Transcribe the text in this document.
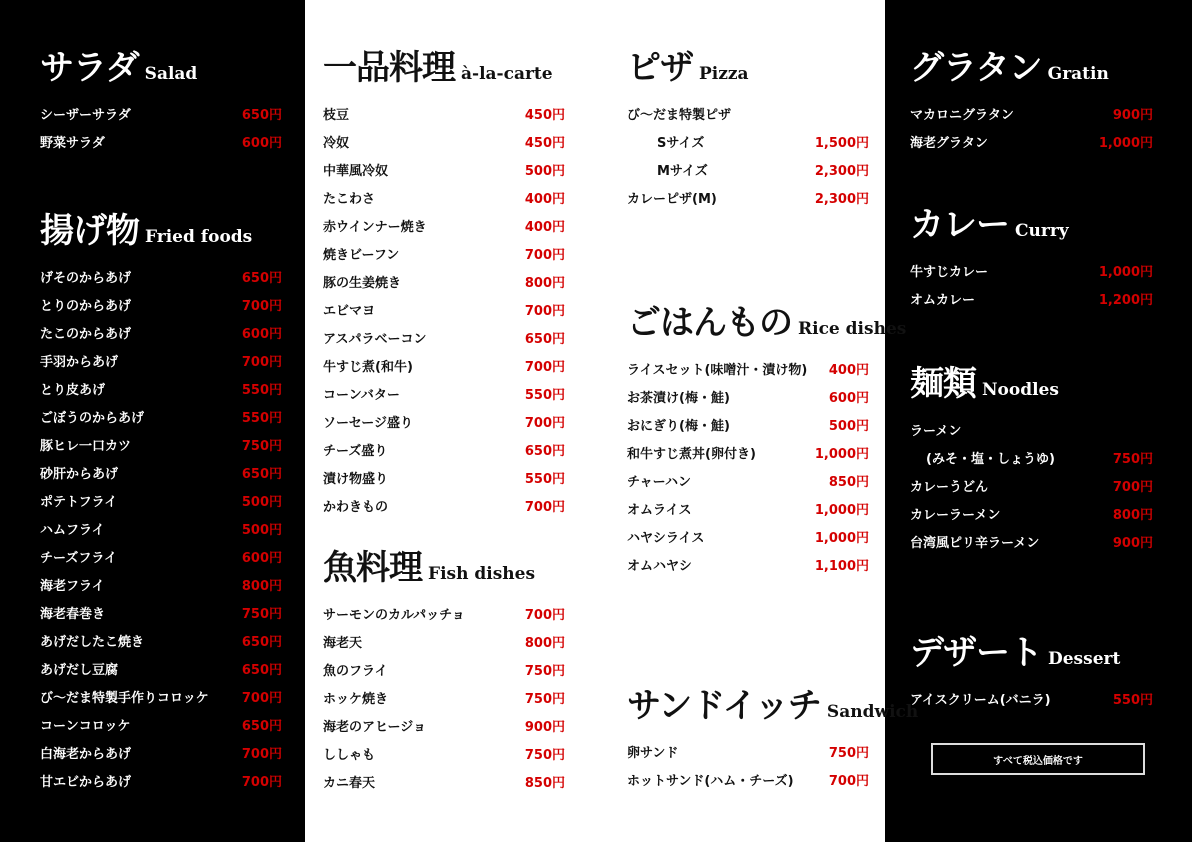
サラダ Salad
シーザーサラダ	650円
野菜サラダ	600円
揚げ物 Fried foods
げそのからあげ	650円
とりのからあげ	700円
たこのからあげ	600円
手羽からあげ	700円
とり皮あげ	550円
ごぼうのからあげ	550円
豚ヒレ一口カツ	750円
砂肝からあげ	650円
ポテトフライ	500円
ハムフライ	500円
チーズフライ	600円
海老フライ	800円
海老春巻き	750円
あげだしたこ焼き	650円
あげだし豆腐	650円
び～だま特製手作りコロッケ	700円
コーンコロッケ	650円
白海老からあげ	700円
甘エビからあげ	700円
一品料理 à-la-carte
枝豆	450円
冷奴	450円
中華風冷奴	500円
たこわさ	400円
赤ウインナー焼き	400円
焼きビーフン	700円
豚の生姜焼き	800円
エビマヨ	700円
アスパラベーコン	650円
牛すじ煮(和牛)	700円
コーンバター	550円
ソーセージ盛り	700円
チーズ盛り	650円
漬け物盛り	550円
かわきもの	700円
魚料理 Fish dishes
サーモンのカルパッチョ	700円
海老天	800円
魚のフライ	750円
ホッケ焼き	750円
海老のアヒージョ	900円
ししゃも	750円
カニ春天	850円
ピザ Pizza
び～だま特製ピザ
Sサイズ	1,500円
Mサイズ	2,300円
カレーピザ(M)	2,300円
ごはんもの Rice dishes
ライスセット(味噌汁・漬け物) 400円
お茶漬け(梅・鮭)	600円
おにぎり(梅・鮭)	500円
和牛すじ煮丼(卵付き)	1,000円
チャーハン	850円
オムライス	1,000円
ハヤシライス	1,000円
オムハヤシ	1,100円
サンドイッチ Sandwich
卵サンド	750円
ホットサンド(ハム・チーズ)	700円
グラタン Gratin
マカロニグラタン	900円
海老グラタン	1,000円
カレー Curry
牛すじカレー	1,000円
オムカレー	1,200円
麺類 Noodles
ラーメン
(みそ・塩・しょうゆ)	750円
カレーうどん	700円
カレーラーメン	800円
台湾風ピリ辛ラーメン	900円
デザート Dessert
アイスクリーム(バニラ)	550円
すべて税込価格です
